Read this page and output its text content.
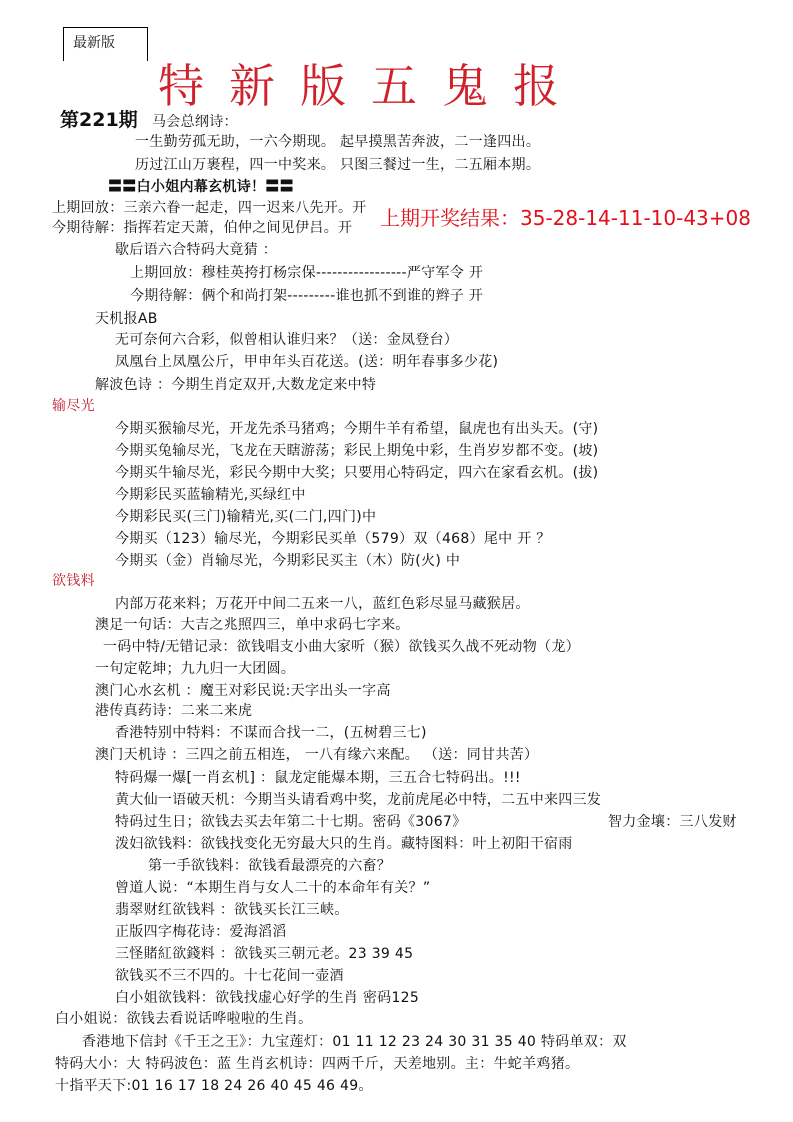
最新版
特新版五鬼报
第221期
上期开奖结果：35-28-14-11-10-43+08
马会总纲诗：
一生勤劳孤无助，一六今期现。 起早摸黑苦奔波，二一逢四出。
历过江山万裹程，四一中奖来。 只图三餐过一生，二五厢本期。
〓〓白小姐内幕玄机诗！〓〓
上期回放：三亲六眷一起走，四一迟来八先开。开
今期待解：指挥若定天萧，伯仲之间见伊吕。开
歇后语六合特码大竟猜 ：
上期回放：穆桂英挎打杨宗保-----------------严守军令 开
今期待解：俩个和尚打架---------谁也抓不到谁的辫子 开
天机报AB
无可奈何六合彩，似曾相认谁归来？（送：金凤登台）
凤凰台上凤凰公斤，甲申年头百花送。(送：明年春事多少花)
解波色诗 ：今期生肖定双开,大数龙定来中特
输尽光
今期买猴输尽光，开龙先杀马猪鸡；今期牛羊有希望，鼠虎也有出头天。(守)
今期买兔输尽光，飞龙在天瞎游荡；彩民上期兔中彩，生肖岁岁都不变。(坡)
今期买牛输尽光，彩民今期中大奖；只要用心特码定，四六在家看玄机。(拔)
今期彩民买蓝输精光,买绿红中
今期彩民买(三门)输精光,买(二门,四门)中
今期买（123）输尽光，今期彩民买单（579）双（468）尾中 开 ？
今期买（金）肖输尽光，今期彩民买主（木）防(火) 中
欲钱料
内部万花来料；万花开中间二五来一八，蓝红色彩尽显马藏猴居。
澳足一句话：大吉之兆照四三，单中求码七字来。
一码中特/无错记录：欲钱唱支小曲大家听（猴）欲钱买久战不死动物（龙）
一句定乾坤；九九归一大团圆。
澳门心水玄机 ：魔王对彩民说:天字出头一字高
港传真药诗：二来二来虎
香港特别中特料：不谋而合找一二，(五树碧三七)
澳门天机诗 ：三四之前五相连， 一八有缘六来配。 （送：同甘共苦）
特码爆一爆[一肖玄机] ：鼠龙定能爆本期，三五合七特码出。!!!
黄大仙一语破天机：今期当头请看鸡中奖，龙前虎尾必中特，二五中来四三发
特码过生日；欲钱去买去年第二十七期。密码《3067》	智力金壤：三八发财
泼妇欲钱料：欲钱找变化无穷最大只的生肖。藏特图料：叶上初阳干宿雨
第一手欲钱料：欲钱看最漂亮的六畜？
曾道人说：“本期生肖与女人二十的本命年有关？”
翡翠财红欲钱料 ：欲钱买长江三峡。
正版四字梅花诗：爱海滔滔
三怪賭紅欲錢料 ：欲钱买三朝元老。23 39 45
欲钱买不三不四的。十七花间一壶酒
白小姐欲钱料：欲钱找虚心好学的生肖 密码125
白小姐说：欲钱去看说话哗啦啦的生肖。
香港地下信封《千王之王》：九宝莲灯：01 11 12 23 24 30 31 35 40 特码单双：双
特码大小：大 特码波色：蓝 生肖玄机诗：四两千斤，天差地别。主：牛蛇羊鸡猪。
十指平天下:01 16 17 18 24 26 40 45 46 49。
